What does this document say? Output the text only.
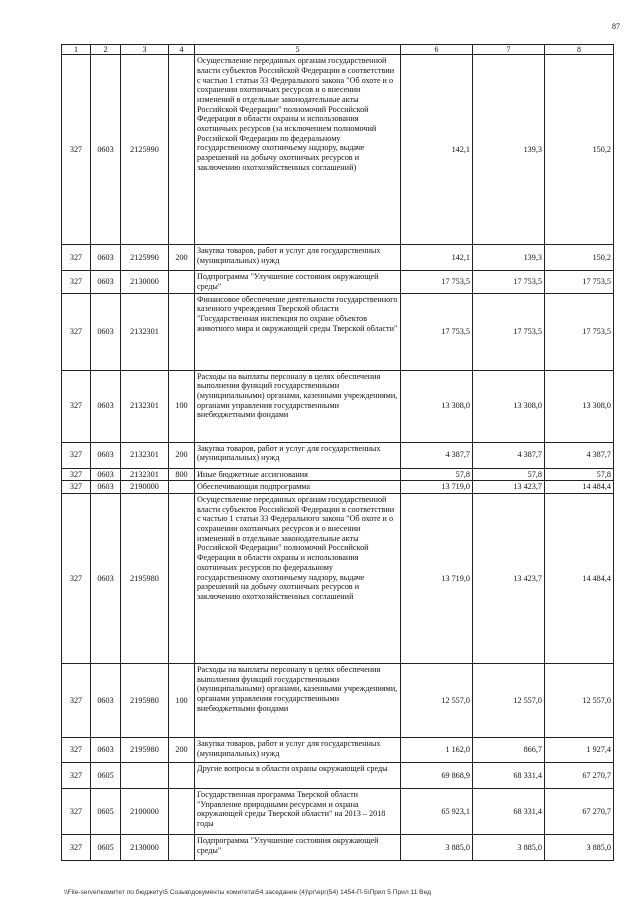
87
1	2	3	4	5	6	7	8
327	0603	2125990		Осуществление переданных органам государственной власти субъектов Российской Федерации в соответствии с частью 1 статьи 33 Федерального закона "Об охоте и о сохранении охотничьих ресурсов и о внесении изменений в отдельные законодательные акты Российской Федерации" полномочий Российской Федерации в области охраны и использования охотничьих ресурсов (за исключением полномочий Российской Федерации по федеральному государственному охотничьему надзору, выдаче разрешений на добычу охотничьих ресурсов и заключению охотхозяйственных соглашений)	142,1	139,3	150,2
327	0603	2125990	200	Закупка товаров, работ и услуг для государственных (муниципальных) нужд	142,1	139,3	150,2
327	0603	2130000		Подпрограмма "Улучшение состояния окружающей среды"	17 753,5	17 753,5	17 753,5
327	0603	2132301		Финансовое обеспечение деятельности государственного казенного учреждения Тверской области "Государственная инспекция по охране объектов животного мира и окружающей среды Тверской области"	17 753,5	17 753,5	17 753,5
327	0603	2132301	100	Расходы на выплаты персоналу в целях обеспечения выполнения функций государственными (муниципальными) органами, казенными учреждениями, органами управления государственными внебюджетными фондами	13 308,0	13 308,0	13 308,0
327	0603	2132301	200	Закупка товаров, работ и услуг для государственных (муниципальных) нужд	4 387,7	4 387,7	4 387,7
327	0603	2132301	800	Иные бюджетные ассигнования	57,8	57,8	57,8
327	0603	2190000		Обеспечивающая подпрограмма	13 719,0	13 423,7	14 484,4
327	0603	2195980		Осуществление переданных органам государственной власти субъектов Российской Федерации в соответствии с частью 1 статьи 33 Федерального закона "Об охоте и о сохранении охотничьих ресурсов и о внесении изменений в отдельные законодательные акты Российской Федерации" полномочий Российской Федерации в области охраны и использования охотничьих ресурсов по федеральному государственному охотничьему надзору, выдаче разрешений на добычу охотничьих ресурсов и заключению охотхозяйственных соглашений	13 719,0	13 423,7	14 484,4
327	0603	2195980	100	Расходы на выплаты персоналу в целях обеспечения выполнения функций государственными (муниципальными) органами, казенными учреждениями, органами управления государственными внебюджетными фондами	12 557,0	12 557,0	12 557,0
327	0603	2195980	200	Закупка товаров, работ и услуг для государственных (муниципальных) нужд	1 162,0	866,7	1 927,4
327	0605			Другие вопросы в области охраны окружающей среды	69 868,9	68 331,4	67 270,7
327	0605	2100000		Государственная программа Тверской области "Управление природными ресурсами и охрана окружающей среды Тверской области" на 2013 – 2018 годы	65 923,1	68 331,4	67 270,7
327	0605	2130000		Подпрограмма "Улучшение состояния окружающей среды"	3 885,0	3 885,0	3 885,0
\\File-server\комитет по бюджету\5 Созыв\документы комитета\54 заседание (4)\рг\ерг(54) 1454-П-5\Прил 5 Прил 11 Вед
